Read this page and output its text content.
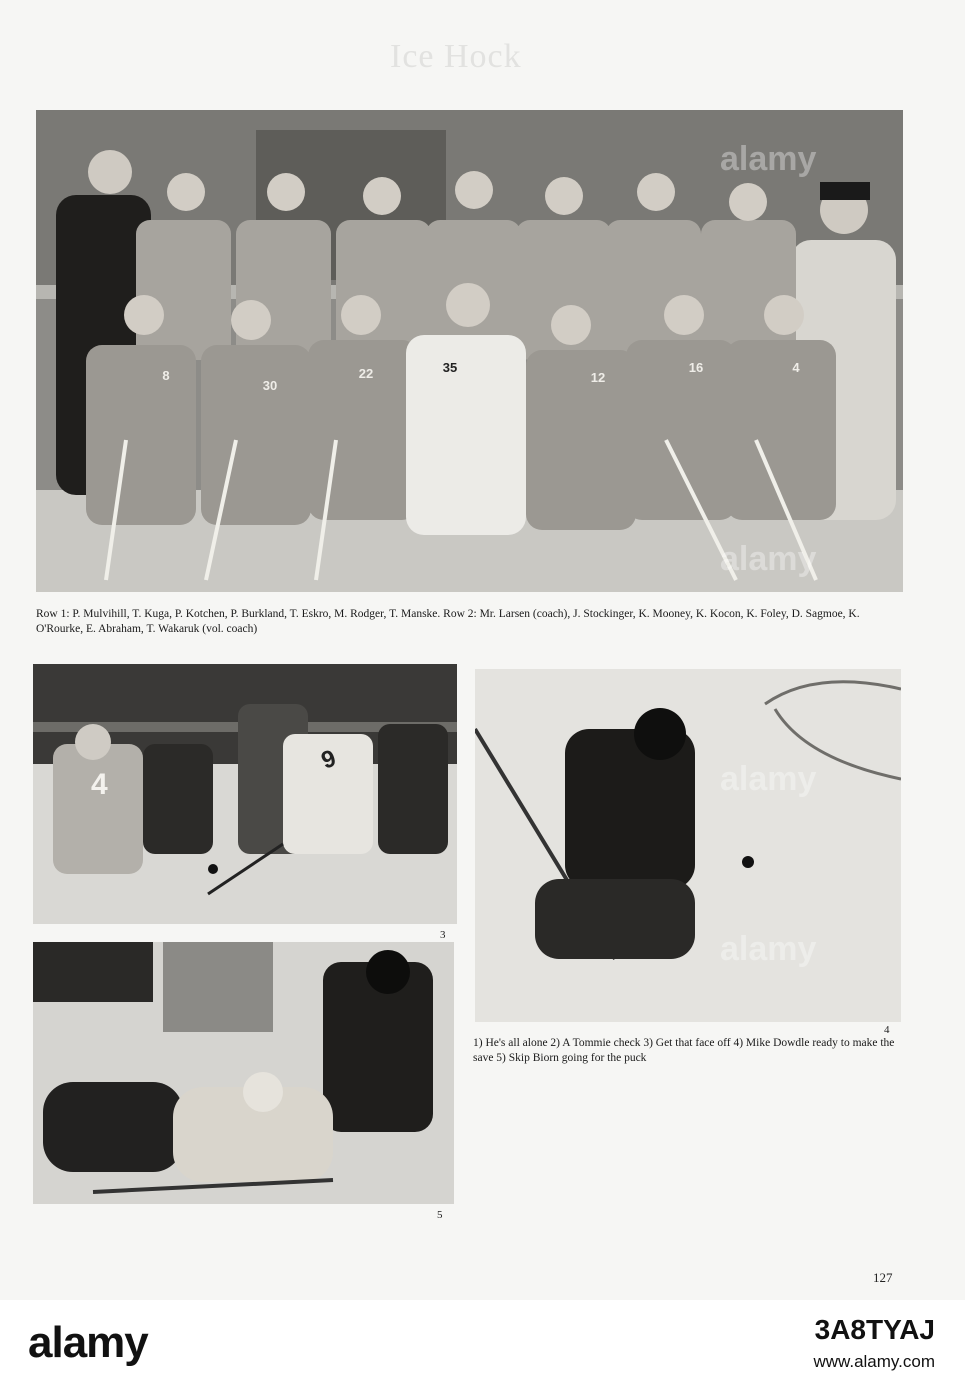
Ice Hock
8
30
22	35
12
16	4
Row 1: P. Mulvihill, T. Kuga, P. Kotchen, P. Burkland, T. Eskro, M. Rodger, T. Manske. Row 2: Mr. Larsen (coach), J. Stockinger, K. Mooney, K. Kocon, K. Foley, D. Sagmoe, K. O'Rourke, E. Abraham, T. Wakaruk (vol. coach)
4
9
3
4
1) He's all alone 2) A Tommie check 3) Get that face off 4) Mike Dowdle ready to make the save 5) Skip Biorn going for the puck
5
127
alamy
alamy
alamy
alamy
alamy	3A8TYAJ
www.alamy.com
